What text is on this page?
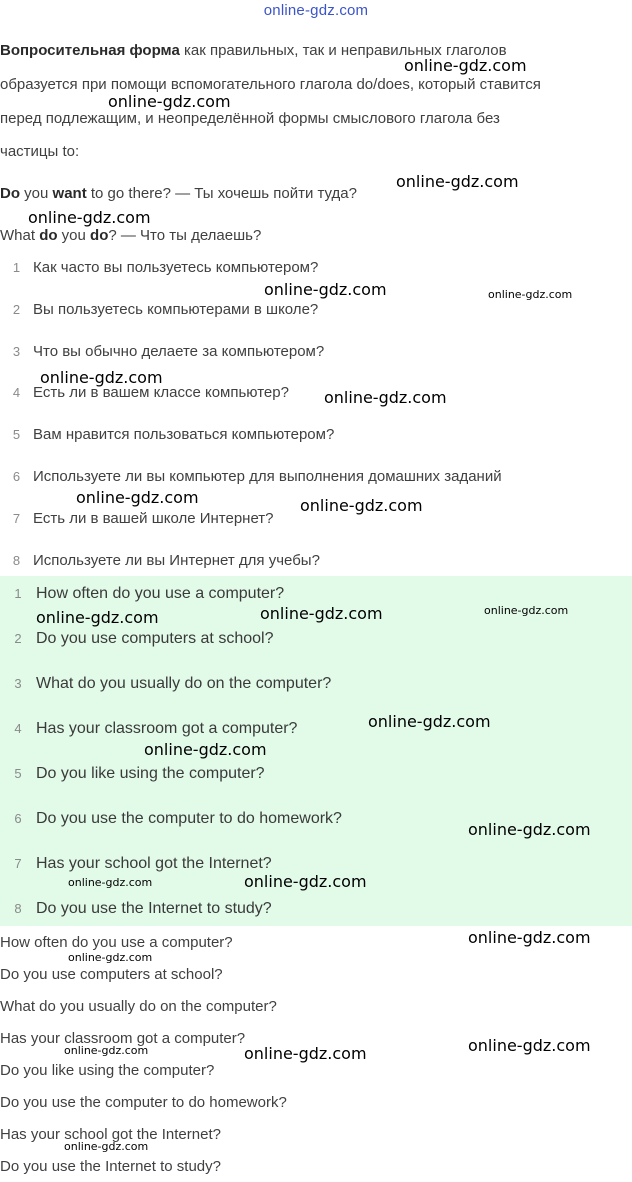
online-gdz.com
Вопросительная форма как правильных, так и неправильных глаголов
образуется при помощи вспомогательного глагола do/does, который ставится
перед подлежащим, и неопределённой формы смыслового глагола без
частицы to:
Do you want to go there? — Ты хочешь пойти туда?
What do you do? — Что ты делаешь?
1 Как часто вы пользуетесь компьютером?
2 Вы пользуетесь компьютерами в школе?
3 Что вы обычно делаете за компьютером?
4 Есть ли в вашем классе компьютер?
5 Вам нравится пользоваться компьютером?
6 Используете ли вы компьютер для выполнения домашних заданий
7 Есть ли в вашей школе Интернет?
8 Используете ли вы Интернет для учебы?
1 How often do you use a computer?
2 Do you use computers at school?
3 What do you usually do on the computer?
4 Has your classroom got a computer?
5 Do you like using the computer?
6 Do you use the computer to do homework?
7 Has your school got the Internet?
8 Do you use the Internet to study?
How often do you use a computer?
Do you use computers at school?
What do you usually do on the computer?
Has your classroom got a computer?
Do you like using the computer?
Do you use the computer to do homework?
Has your school got the Internet?
Do you use the Internet to study?
online-gdz.com
online-gdz.com
online-gdz.com
online-gdz.com
online-gdz.com	online-gdz.com
online-gdz.com
online-gdz.com
online-gdz.com	online-gdz.com
online-gdz.com	online-gdz.com	online-gdz.com
online-gdz.com
online-gdz.com
online-gdz.com
online-gdz.com	online-gdz.com
online-gdz.com
online-gdz.com
online-gdz.com	online-gdz.com	online-gdz.com
online-gdz.com
